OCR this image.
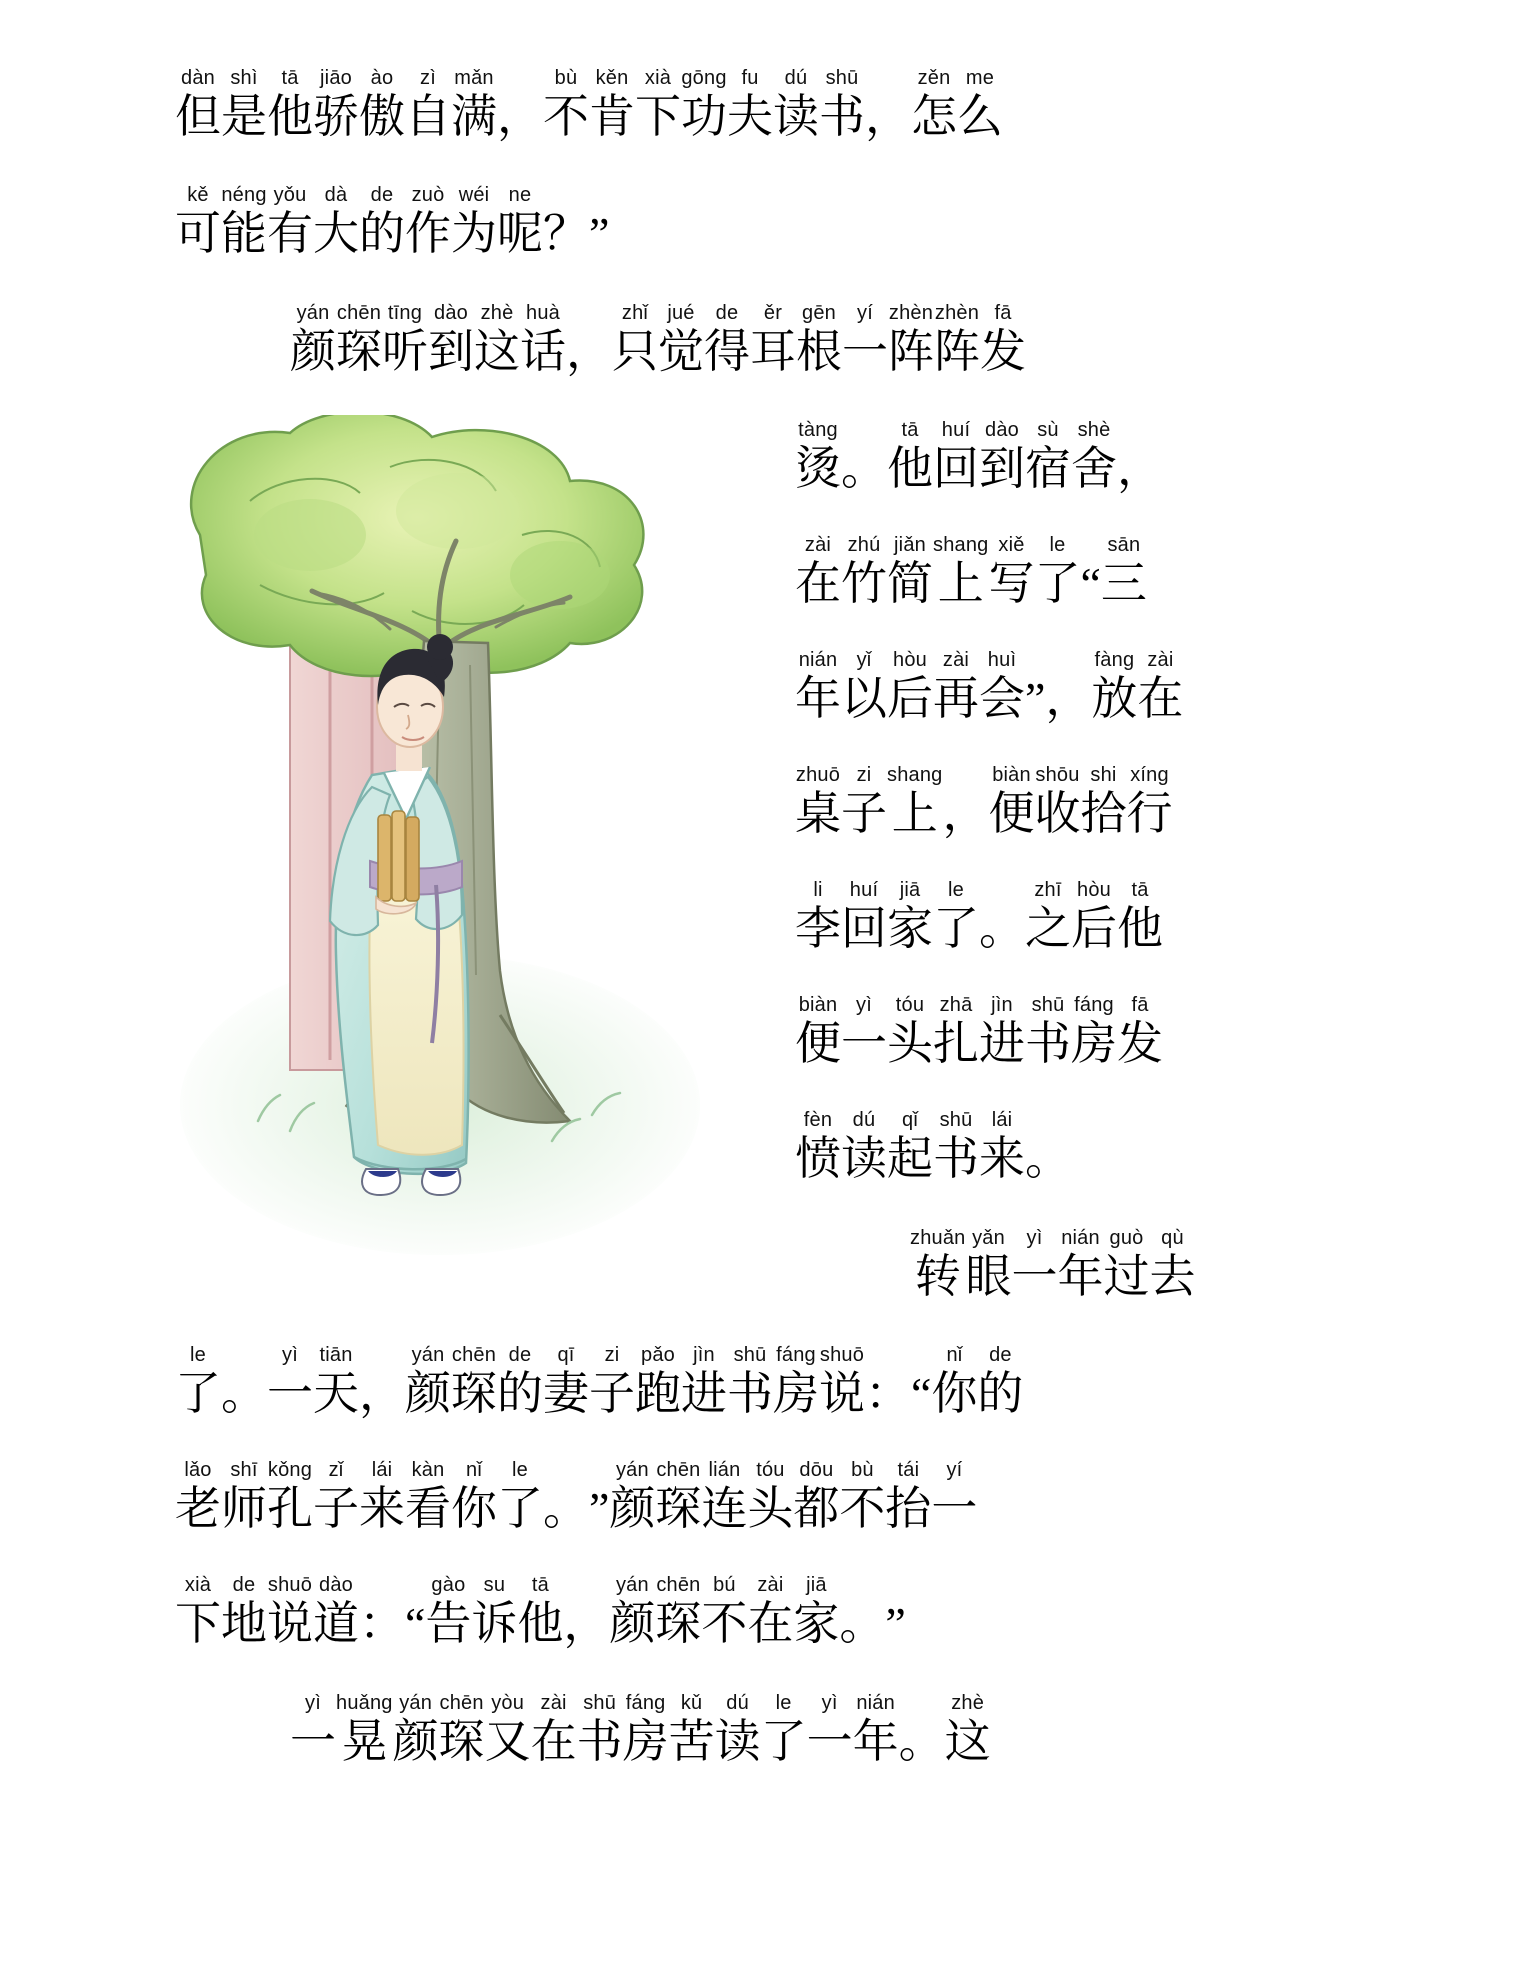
dàn
但
shì
是
tā
他
jiāo
骄
ào
傲
zì
自
mǎn
满 ，
bù
不
kěn
肯
xià
下
gōng
功
fu
夫
dú
读
shū
书 ，
zěn
怎
me
么
kě
可
néng
能
yǒu
有
dà
大
de
的
zuò
作
wéi
为
ne
呢 ？ ”
yán
颜
chēn
琛
tīng
听
dào
到
zhè
这
huà
话 ，
zhǐ
只
jué
觉
de
得
ěr
耳
gēn
根
yí
一
zhèn
阵
zhèn
阵
fā
发
tàng
烫 。
tā
他
huí
回
dào
到
sù
宿
shè
舍 ，
zài
在
zhú
竹
jiǎn
简
shang
上
xiě
写
le
了 “
sān
三
nián
年
yǐ
以
hòu
后
zài
再
huì
会 ” ，
fàng
放
zài
在
zhuō
桌
zi
子
shang
上 ，
biàn
便
shōu
收
shi
拾
xíng
行
li
李
huí
回
jiā
家
le
了 。
zhī
之
hòu
后
tā
他
biàn
便
yì
一
tóu
头
zhā
扎
jìn
进
shū
书
fáng
房
fā
发
fèn
愤
dú
读
qǐ
起
shū
书
lái
来 。
zhuǎn
转
yǎn
眼
yì
一
nián
年
guò
过
qù
去
le
了 。
yì
一
tiān
天 ，
yán
颜
chēn
琛
de
的
qī
妻
zi
子
pǎo
跑
jìn
进
shū
书
fáng
房
shuō
说 ： “
nǐ
你
de
的
lǎo
老
shī
师
kǒng
孔
zǐ
子
lái
来
kàn
看
nǐ
你
le
了 。 ”
yán
颜
chēn
琛
lián
连
tóu
头
dōu
都
bù
不
tái
抬
yí
一
xià
下
de
地
shuō
说
dào
道 ： “
gào
告
su
诉
tā
他 ，
yán
颜
chēn
琛
bú
不
zài
在
jiā
家 。 ”
yì
一
huǎng
晃
yán
颜
chēn
琛
yòu
又
zài
在
shū
书
fáng
房
kǔ
苦
dú
读
le
了
yì
一
nián
年 。
zhè
这
